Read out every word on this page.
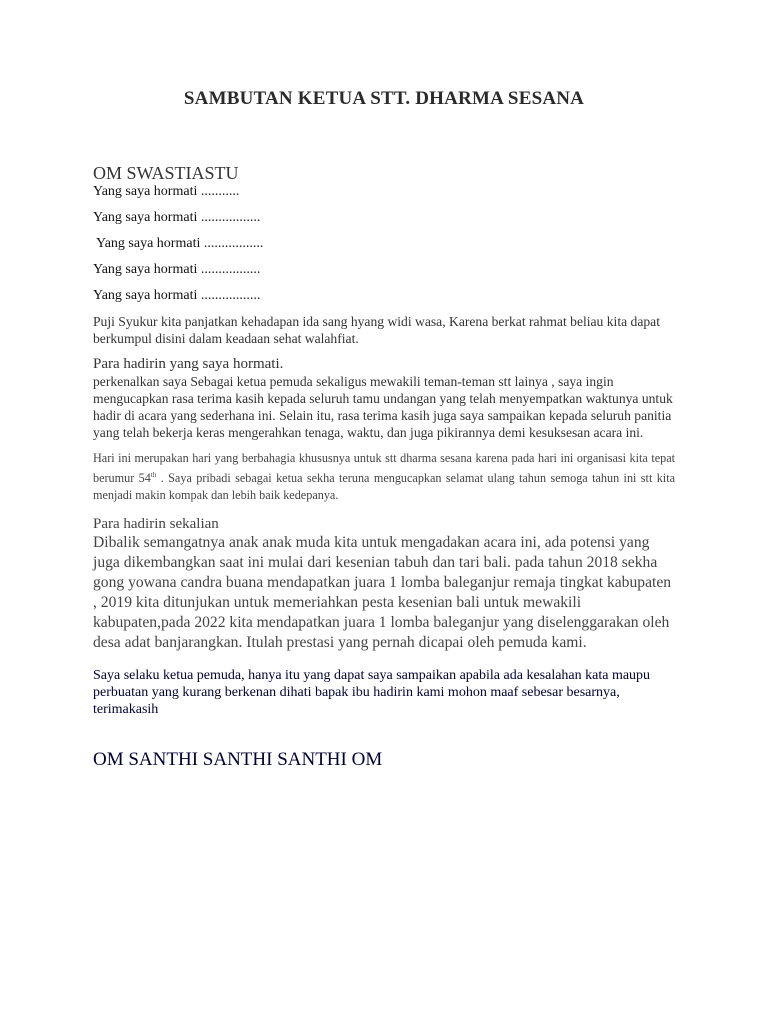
SAMBUTAN KETUA STT. DHARMA SESANA
OM SWASTIASTU
Yang saya hormati ...........
Yang saya hormati .................
Yang saya hormati .................
Yang saya hormati .................
Yang saya hormati .................
Puji Syukur kita panjatkan kehadapan ida sang hyang widi wasa, Karena berkat rahmat beliau kita dapat berkumpul disini dalam keadaan sehat walahfiat.
Para hadirin yang saya hormati.
perkenalkan saya Sebagai ketua pemuda sekaligus mewakili teman-teman stt lainya , saya ingin mengucapkan rasa terima kasih kepada seluruh tamu undangan yang telah menyempatkan waktunya untuk hadir di acara yang sederhana ini. Selain itu, rasa terima kasih juga saya sampaikan kepada seluruh panitia yang telah bekerja keras mengerahkan tenaga, waktu, dan juga pikirannya demi kesuksesan acara ini.
Hari ini merupakan hari yang berbahagia khususnya untuk stt dharma sesana karena pada hari ini organisasi kita tepat berumur 54th . Saya pribadi sebagai ketua sekha teruna mengucapkan selamat ulang tahun semoga tahun ini stt kita menjadi makin kompak dan lebih baik kedepanya.
Para hadirin sekalian
Dibalik semangatnya anak anak muda kita untuk mengadakan acara ini, ada potensi yang juga dikembangkan saat ini mulai dari kesenian tabuh dan tari bali. pada tahun 2018 sekha gong yowana candra buana mendapatkan juara 1 lomba baleganjur remaja tingkat kabupaten , 2019 kita ditunjukan untuk memeriahkan pesta kesenian bali untuk mewakili kabupaten,pada 2022 kita mendapatkan juara 1 lomba baleganjur yang diselenggarakan oleh desa adat banjarangkan. Itulah prestasi yang pernah dicapai oleh pemuda kami.
Saya selaku ketua pemuda, hanya itu yang dapat saya sampaikan apabila ada kesalahan kata maupu perbuatan yang kurang berkenan dihati bapak ibu hadirin kami mohon maaf sebesar besarnya, terimakasih
OM SANTHI SANTHI SANTHI OM
